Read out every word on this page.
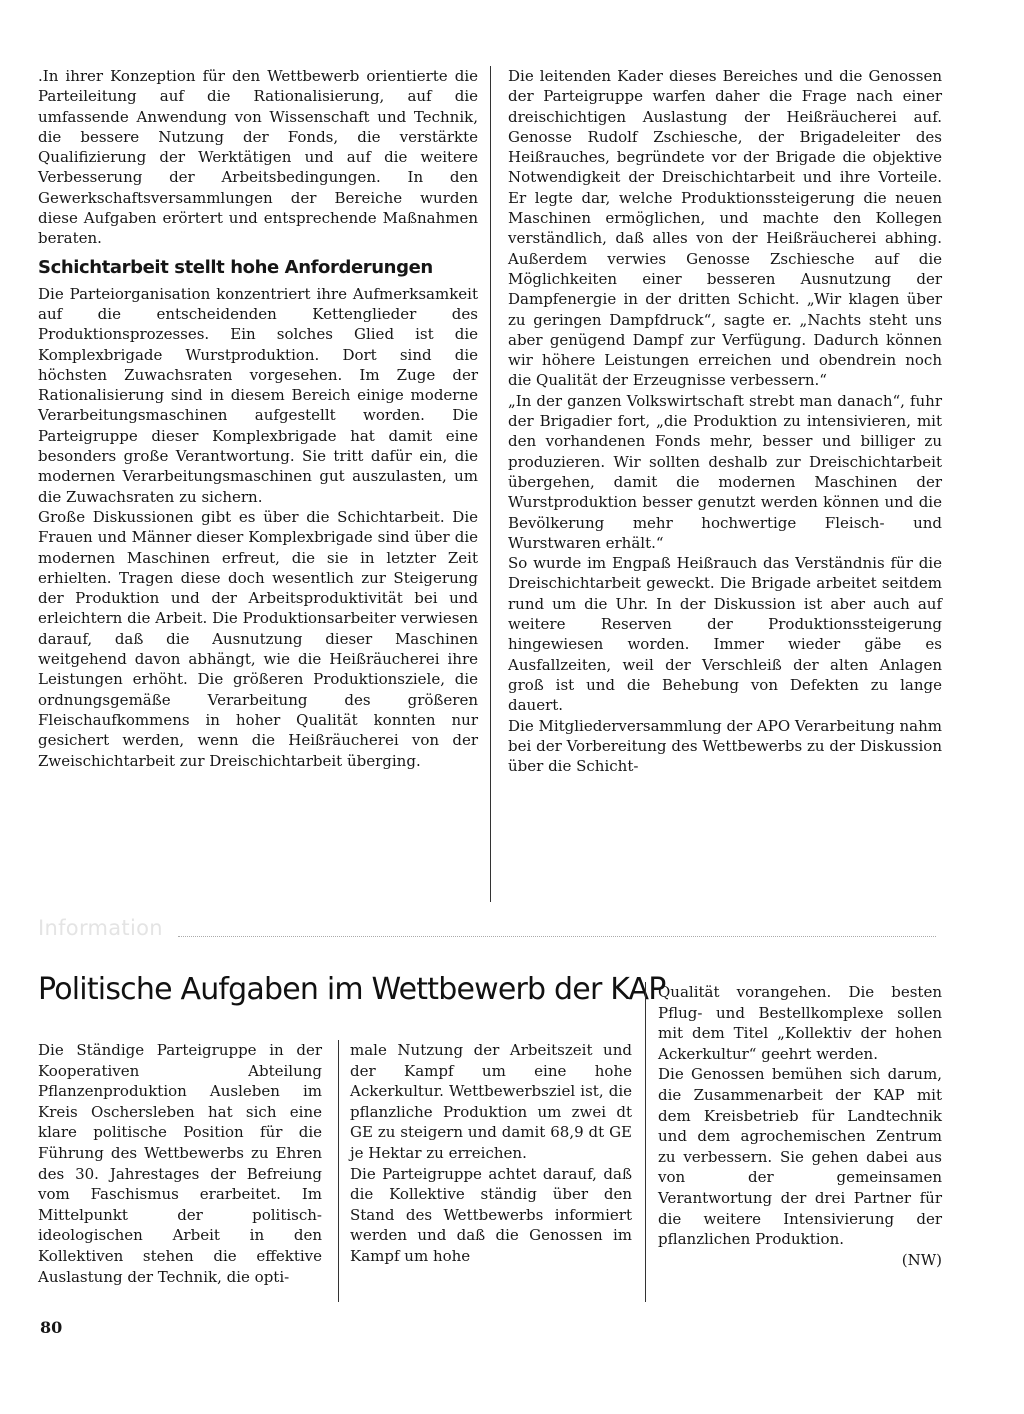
.In ihrer Konzeption für den Wettbewerb orientierte die Parteileitung auf die Rationalisierung, auf die umfassende Anwendung von Wissenschaft und Technik, die bessere Nutzung der Fonds, die verstärkte Qualifizierung der Werktätigen und auf die weitere Verbesserung der Arbeitsbedingungen. In den Gewerkschaftsversammlungen der Bereiche wurden diese Aufgaben erörtert und entsprechende Maßnahmen beraten.

Schichtarbeit stellt hohe Anforderungen

Die Parteiorganisation konzentriert ihre Aufmerksamkeit auf die entscheidenden Kettenglieder des Produktionsprozesses. Ein solches Glied ist die Komplexbrigade Wurstproduktion. Dort sind die höchsten Zuwachsraten vorgesehen. Im Zuge der Rationalisierung sind in diesem Bereich einige moderne Verarbeitungsmaschinen aufgestellt worden. Die Parteigruppe dieser Komplexbrigade hat damit eine besonders große Verantwortung. Sie tritt dafür ein, die modernen Verarbeitungsmaschinen gut auszulasten, um die Zuwachsraten zu sichern.

Große Diskussionen gibt es über die Schichtarbeit. Die Frauen und Männer dieser Komplexbrigade sind über die modernen Maschinen erfreut, die sie in letzter Zeit erhielten. Tragen diese doch wesentlich zur Steigerung der Produktion und der Arbeitsproduktivität bei und erleichtern die Arbeit. Die Produktionsarbeiter verwiesen darauf, daß die Ausnutzung dieser Maschinen weitgehend davon abhängt, wie die Heißräucherei ihre Leistungen erhöht. Die größeren Produktionsziele, die ordnungsgemäße Verarbeitung des größeren Fleischaufkommens in hoher Qualität konnten nur gesichert werden, wenn die Heißräucherei von der Zweischichtarbeit zur Dreischichtarbeit überging.

Die leitenden Kader dieses Bereiches und die Genossen der Parteigruppe warfen daher die Frage nach einer dreischichtigen Auslastung der Heißräucherei auf. Genosse Rudolf Zschiesche, der Brigadeleiter des Heißrauches, begründete vor der Brigade die objektive Notwendigkeit der Dreischichtarbeit und ihre Vorteile. Er legte dar, welche Produktionssteigerung die neuen Maschinen ermöglichen, und machte den Kollegen verständlich, daß alles von der Heißräucherei abhing. Außerdem verwies Genosse Zschiesche auf die Möglichkeiten einer besseren Ausnutzung der Dampfenergie in der dritten Schicht. „Wir klagen über zu geringen Dampfdruck“, sagte er. „Nachts steht uns aber genügend Dampf zur Verfügung. Dadurch können wir höhere Leistungen erreichen und obendrein noch die Qualität der Erzeugnisse verbessern.“

„In der ganzen Volkswirtschaft strebt man danach“, fuhr der Brigadier fort, „die Produktion zu intensivieren, mit den vorhandenen Fonds mehr, besser und billiger zu produzieren. Wir sollten deshalb zur Dreischichtarbeit übergehen, damit die modernen Maschinen der Wurstproduktion besser genutzt werden können und die Bevölkerung mehr hochwertige Fleisch- und Wurstwaren erhält.“

So wurde im Engpaß Heißrauch das Verständnis für die Dreischichtarbeit geweckt. Die Brigade arbeitet seitdem rund um die Uhr. In der Diskussion ist aber auch auf weitere Reserven der Produktionssteigerung hingewiesen worden. Immer wieder gäbe es Ausfallzeiten, weil der Verschleiß der alten Anlagen groß ist und die Behebung von Defekten zu lange dauert.

Die Mitgliederversammlung der APO Verarbeitung nahm bei der Vorbereitung des Wettbewerbs zu der Diskussion über die Schicht-

Information
Politische Aufgaben im Wettbewerb der KAP

Die Ständige Parteigruppe in der Kooperativen Abteilung Pflanzenproduktion Ausleben im Kreis Oschersleben hat sich eine klare politische Position für die Führung des Wettbewerbs zu Ehren des 30. Jahrestages der Befreiung vom Faschismus erarbeitet. Im Mittelpunkt der politisch-ideologischen Arbeit in den Kollektiven stehen die effektive Auslastung der Technik, die opti-

male Nutzung der Arbeitszeit und der Kampf um eine hohe Ackerkultur. Wettbewerbsziel ist, die pflanzliche Produktion um zwei dt GE zu steigern und damit 68,9 dt GE je Hektar zu erreichen.

Die Parteigruppe achtet darauf, daß die Kollektive ständig über den Stand des Wettbewerbs informiert werden und daß die Genossen im Kampf um hohe

Qualität vorangehen. Die besten Pflug- und Bestellkomplexe sollen mit dem Titel „Kollektiv der hohen Ackerkultur“ geehrt werden.

Die Genossen bemühen sich darum, die Zusammenarbeit der KAP mit dem Kreisbetrieb für Landtechnik und dem agrochemischen Zentrum zu verbessern. Sie gehen dabei aus von der gemeinsamen Verantwortung der drei Partner für die weitere Intensivierung der pflanzlichen Produktion.

(NW)
80
